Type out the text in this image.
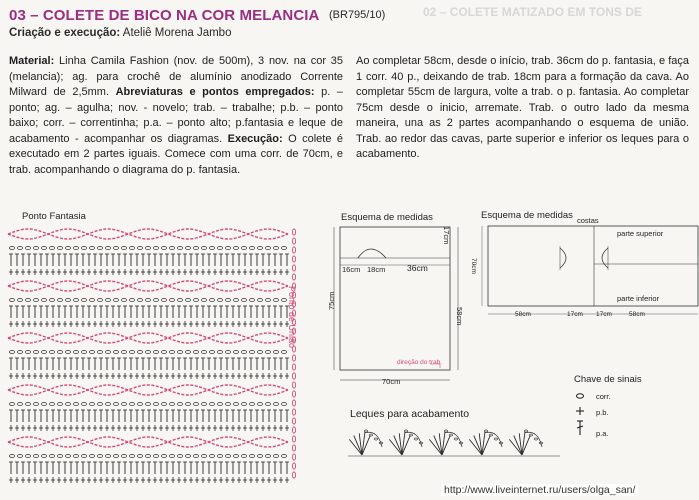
02 – COLETE MATIZADO EM TONS DE
03 – COLETE DE BICO NA COR MELANCIA (BR795/10)
Criação e execução: Ateliê Morena Jambo
Material: Linha Camila Fashion (nov. de 500m), 3 nov. na cor 35 (melancia); ag. para crochê de alumínio anodizado Corrente Milward de 2,5mm. Abreviaturas e pontos empregados: p. – ponto; ag. – agulha; nov. - novelo; trab. – trabalhe; p.b. – ponto baixo; corr. – correntinha; p.a. – ponto alto; p.fantasia e leque de acabamento - acompanhar os diagramas. Execução: O colete é executado em 2 partes iguais. Comece com uma corr. de 70cm, e trab. acompanhando o diagrama do p. fantasia.
Ao completar 58cm, desde o início, trab. 36cm do p. fantasia, e faça 1 corr. 40 p., deixando de trab. 18cm para a formação da cava. Ao completar 55cm de largura, volte a trab. o p. fantasia. Ao completar 75cm desde o inicio, arremate. Trab. o outro lado da mesma maneira, una as 2 partes acompanhando o esquema de união. Trab. ao redor das cavas, parte superior e inferior os leques para o acabamento.
Ponto Fantasia
Ponto de União
Esquema de medidas
17cm
16cm 18cm	36cm
75cm
58cm
70cm
direção do trab.
Esquema de medidas costas
parte superior
parte inferior
70cm
58cm	17cm 17cm	58cm
Chave de sinais
corr.
p.b.
p.a.
Leques para acabamento
http://www.liveinternet.ru/users/olga_san/
